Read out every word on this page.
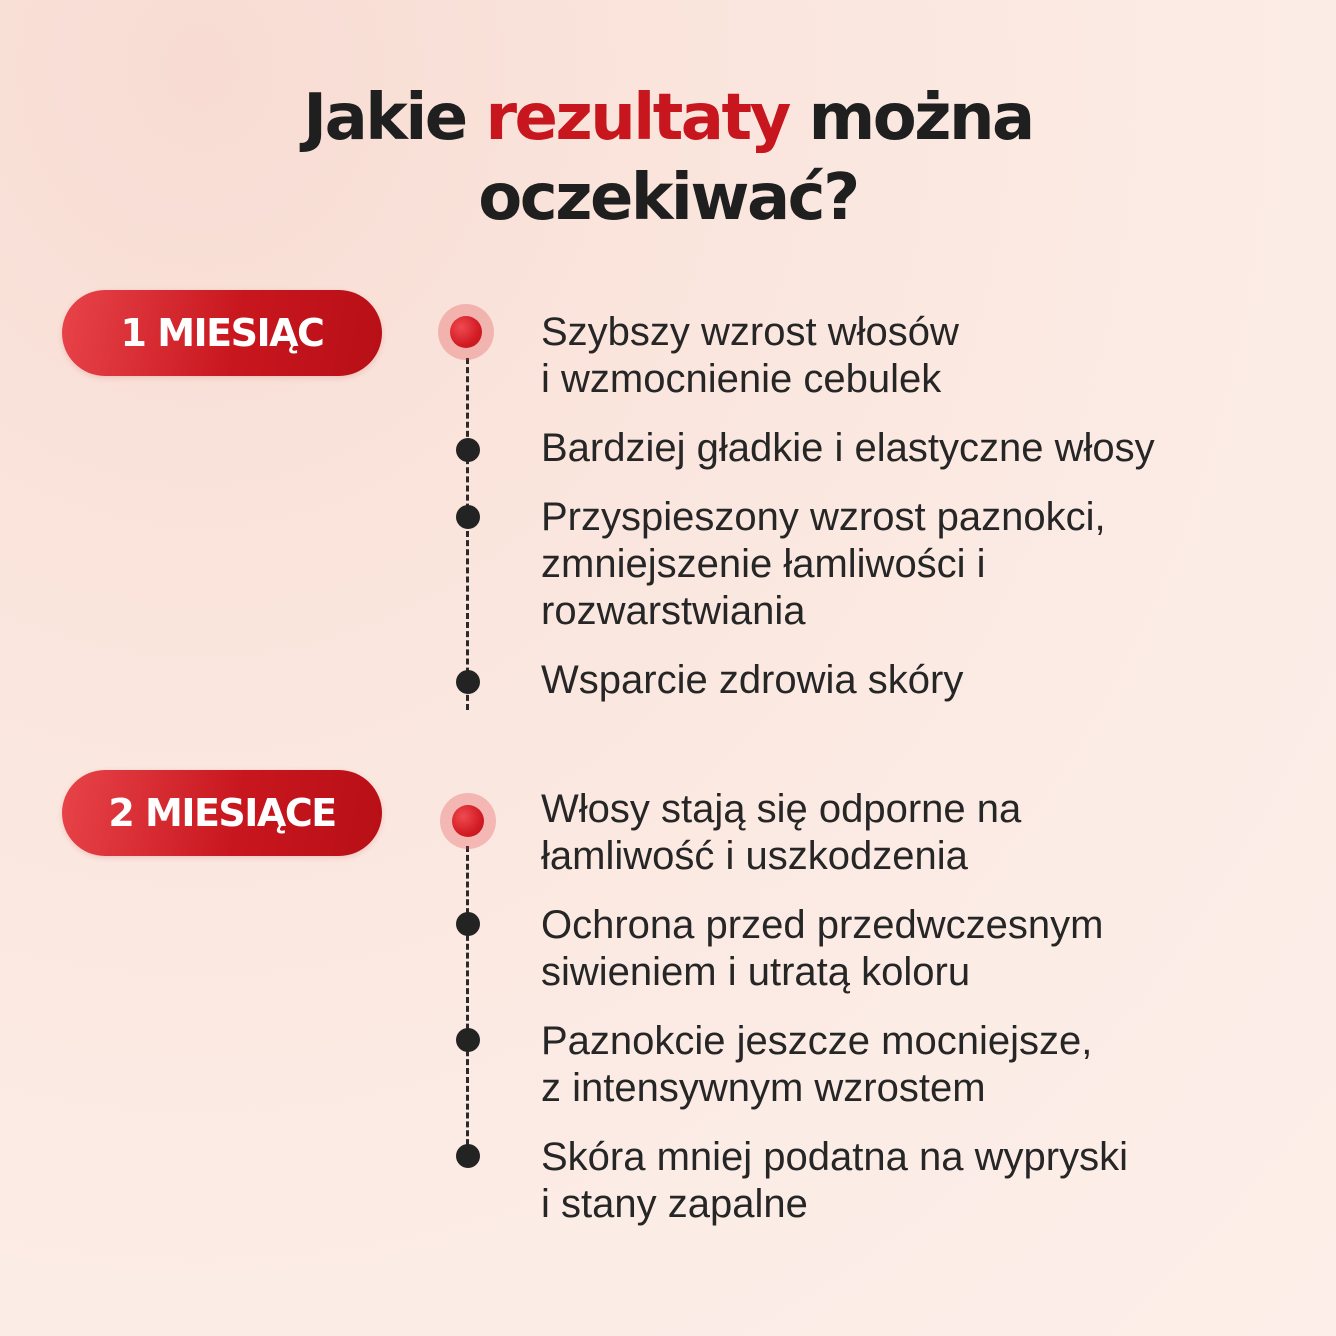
Jakie rezultaty można
oczekiwać?
1 MIESIĄC	Szybszy wzrost włosów
i wzmocnienie cebulek

Bardziej gładkie i elastyczne włosy

Przyspieszony wzrost paznokci,
zmniejszenie łamliwości i
rozwarstwiania

Wsparcie zdrowia skóry

2 MIESIĄCE	Włosy stają się odporne na
łamliwość i uszkodzenia

Ochrona przed przedwczesnym
siwieniem i utratą koloru

Paznokcie jeszcze mocniejsze,
z intensywnym wzrostem

Skóra mniej podatna na wypryski
i stany zapalne
